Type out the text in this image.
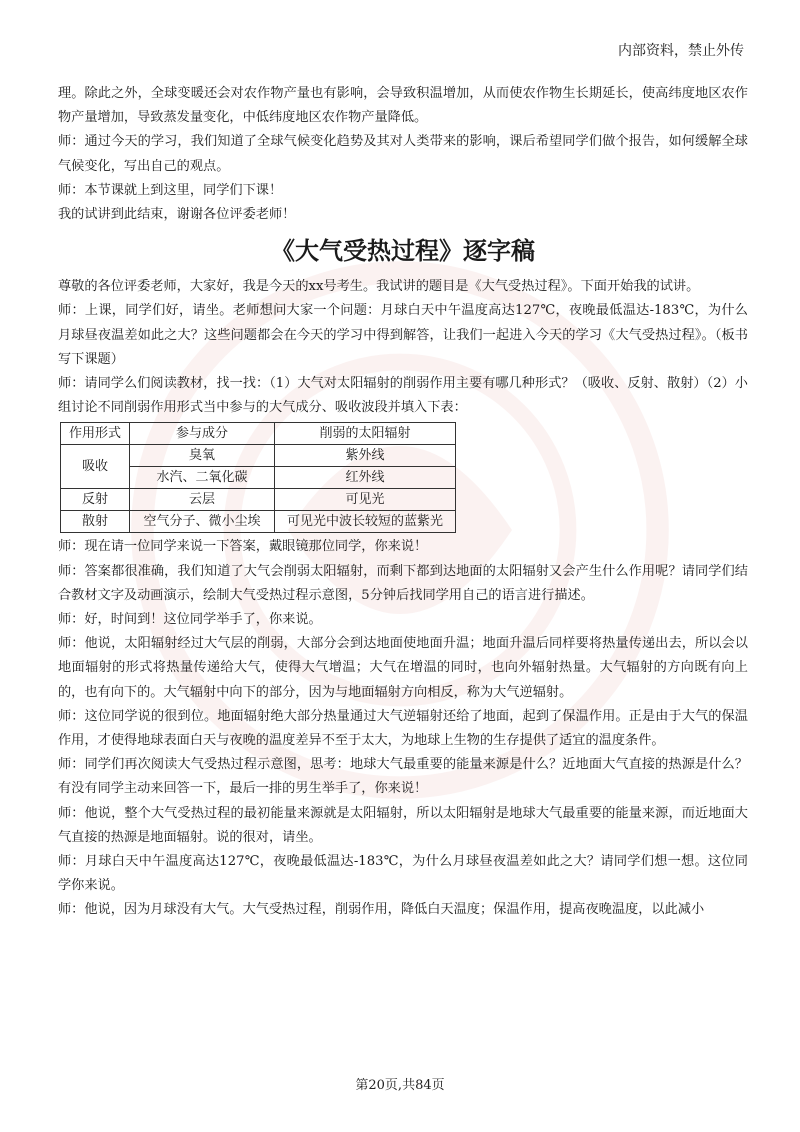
内部资料，禁止外传

理。除此之外，全球变暖还会对农作物产量也有影响，会导致积温增加，从而使农作物生长期延长，使高纬度地区农作物产量增加，导致蒸发量变化，中低纬度地区农作物产量降低。

师：通过今天的学习，我们知道了全球气候变化趋势及其对人类带来的影响，课后希望同学们做个报告，如何缓解全球气候变化，写出自己的观点。

师：本节课就上到这里，同学们下课！

我的试讲到此结束，谢谢各位评委老师！

《大气受热过程》逐字稿

尊敬的各位评委老师，大家好，我是今天的xx号考生。我试讲的题目是《大气受热过程》。下面开始我的试讲。

师：上课，同学们好，请坐。老师想问大家一个问题：月球白天中午温度高达127℃，夜晚最低温达-183℃，为什么月球昼夜温差如此之大？这些问题都会在今天的学习中得到解答，让我们一起进入今天的学习《大气受热过程》。（板书写下课题）

师：请同学么们阅读教材，找一找：（1）大气对太阳辐射的削弱作用主要有哪几种形式？（吸收、反射、散射）（2）小组讨论不同削弱作用形式当中参与的大气成分、吸收波段并填入下表：

作用形式	参与成分	削弱的太阳辐射
吸收	臭氧	紫外线
	水汽、二氧化碳	红外线
反射	云层	可见光
散射	空气分子、微小尘埃	可见光中波长较短的蓝紫光

师：现在请一位同学来说一下答案，戴眼镜那位同学，你来说！

师：答案都很准确，我们知道了大气会削弱太阳辐射，而剩下都到达地面的太阳辐射又会产生什么作用呢？请同学们结合教材文字及动画演示，绘制大气受热过程示意图，5分钟后找同学用自己的语言进行描述。

师：好，时间到！这位同学举手了，你来说。

师：他说，太阳辐射经过大气层的削弱，大部分会到达地面使地面升温；地面升温后同样要将热量传递出去，所以会以地面辐射的形式将热量传递给大气，使得大气增温；大气在增温的同时，也向外辐射热量。大气辐射的方向既有向上的，也有向下的。大气辐射中向下的部分，因为与地面辐射方向相反，称为大气逆辐射。

师：这位同学说的很到位。地面辐射绝大部分热量通过大气逆辐射还给了地面，起到了保温作用。正是由于大气的保温作用，才使得地球表面白天与夜晚的温度差异不至于太大，为地球上生物的生存提供了适宜的温度条件。

师：同学们再次阅读大气受热过程示意图，思考：地球大气最重要的能量来源是什么？近地面大气直接的热源是什么？有没有同学主动来回答一下，最后一排的男生举手了，你来说！

师：他说，整个大气受热过程的最初能量来源就是太阳辐射，所以太阳辐射是地球大气最重要的能量来源，而近地面大气直接的热源是地面辐射。说的很对，请坐。

师：月球白天中午温度高达127℃，夜晚最低温达-183℃，为什么月球昼夜温差如此之大？请同学们想一想。这位同学你来说。

师：他说，因为月球没有大气。大气受热过程，削弱作用，降低白天温度；保温作用，提高夜晚温度，以此减小

第20页,共84页
